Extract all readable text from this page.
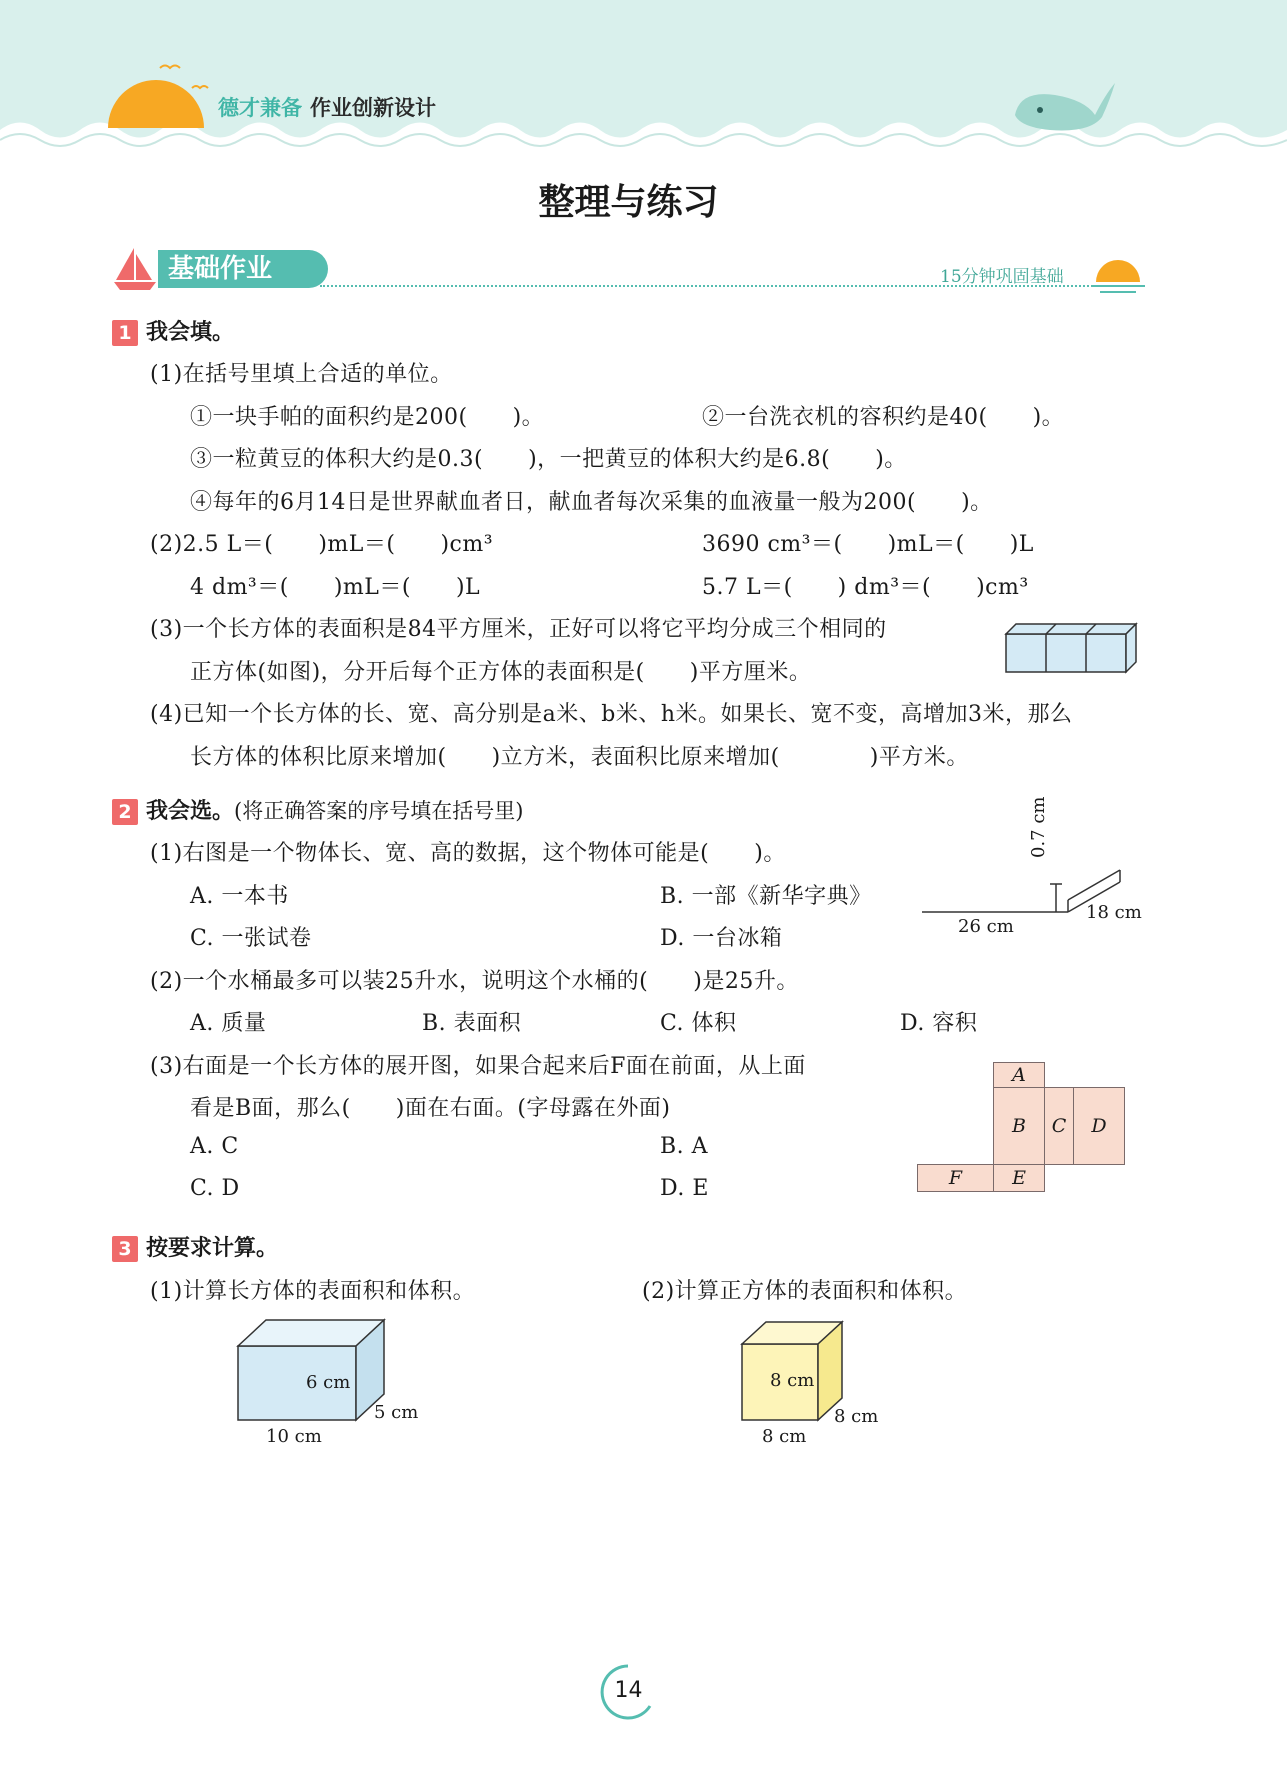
德才兼备 作业创新设计
整理与练习
基础作业	15分钟巩固基础
1 我会填。
(1)在括号里填上合适的单位。
①一块手帕的面积约是200(　　)。	②一台洗衣机的容积约是40(　　)。
③一粒黄豆的体积大约是0.3(　　)，一把黄豆的体积大约是6.8(　　)。
④每年的6月14日是世界献血者日，献血者每次采集的血液量一般为200(　　)。
(2)2.5 L＝(　　)mL＝(　　)cm³	3690 cm³＝(　　)mL＝(　　)L
4 dm³＝(　　)mL＝(　　)L	5.7 L＝(　　) dm³＝(　　)cm³
(3)一个长方体的表面积是84平方厘米，正好可以将它平均分成三个相同的
正方体(如图)，分开后每个正方体的表面积是(　　)平方厘米。
(4)已知一个长方体的长、宽、高分别是a米、b米、h米。如果长、宽不变，高增加3米，那么
长方体的体积比原来增加(　　)立方米，表面积比原来增加(　　　　)平方米。
2 我会选。(将正确答案的序号填在括号里)
(1)右图是一个物体长、宽、高的数据，这个物体可能是(　　)。
A. 一本书	B. 一部《新华字典》
C. 一张试卷	D. 一台冰箱
0.7 cm
26 cm
18 cm
(2)一个水桶最多可以装25升水，说明这个水桶的(　　)是25升。
A. 质量	B. 表面积	C. 体积	D. 容积
(3)右面是一个长方体的展开图，如果合起来后F面在前面，从上面
看是B面，那么(　　)面在右面。(字母露在外面)
A. C	B. A
C. D	D. E
A
B	C	D
F	E
3 按要求计算。
(1)计算长方体的表面积和体积。	(2)计算正方体的表面积和体积。
6 cm
5 cm
10 cm
8 cm
8 cm
8 cm
14
